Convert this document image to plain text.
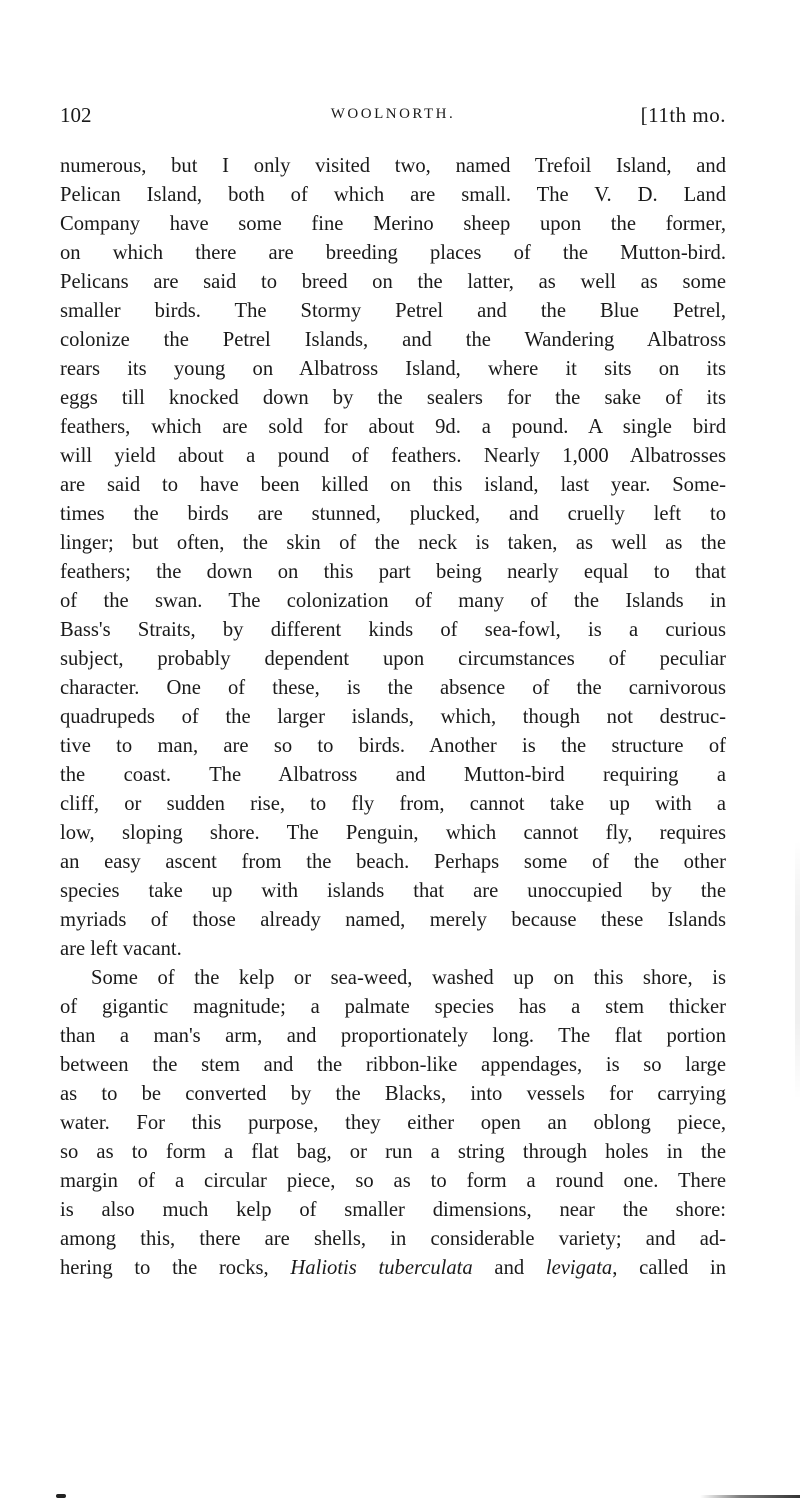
102	WOOLNORTH.	[11th mo.
numerous, but I only visited two, named Trefoil Island, and
Pelican Island, both of which are small. The V. D. Land
Company have some fine Merino sheep upon the former,
on which there are breeding places of the Mutton-bird.
Pelicans are said to breed on the latter, as well as some
smaller birds. The Stormy Petrel and the Blue Petrel,
colonize the Petrel Islands, and the Wandering Albatross
rears its young on Albatross Island, where it sits on its
eggs till knocked down by the sealers for the sake of its
feathers, which are sold for about 9d. a pound. A single bird
will yield about a pound of feathers. Nearly 1,000 Albatrosses
are said to have been killed on this island, last year. Some-
times the birds are stunned, plucked, and cruelly left to
linger; but often, the skin of the neck is taken, as well as the
feathers; the down on this part being nearly equal to that
of the swan. The colonization of many of the Islands in
Bass's Straits, by different kinds of sea-fowl, is a curious
subject, probably dependent upon circumstances of peculiar
character. One of these, is the absence of the carnivorous
quadrupeds of the larger islands, which, though not destruc-
tive to man, are so to birds. Another is the structure of
the coast. The Albatross and Mutton-bird requiring a
cliff, or sudden rise, to fly from, cannot take up with a
low, sloping shore. The Penguin, which cannot fly, requires
an easy ascent from the beach. Perhaps some of the other
species take up with islands that are unoccupied by the
myriads of those already named, merely because these Islands
are left vacant.
Some of the kelp or sea-weed, washed up on this shore, is
of gigantic magnitude; a palmate species has a stem thicker
than a man's arm, and proportionately long. The flat portion
between the stem and the ribbon-like appendages, is so large
as to be converted by the Blacks, into vessels for carrying
water. For this purpose, they either open an oblong piece,
so as to form a flat bag, or run a string through holes in the
margin of a circular piece, so as to form a round one. There
is also much kelp of smaller dimensions, near the shore:
among this, there are shells, in considerable variety; and ad-
hering to the rocks, Haliotis tuberculata and levigata, called in
